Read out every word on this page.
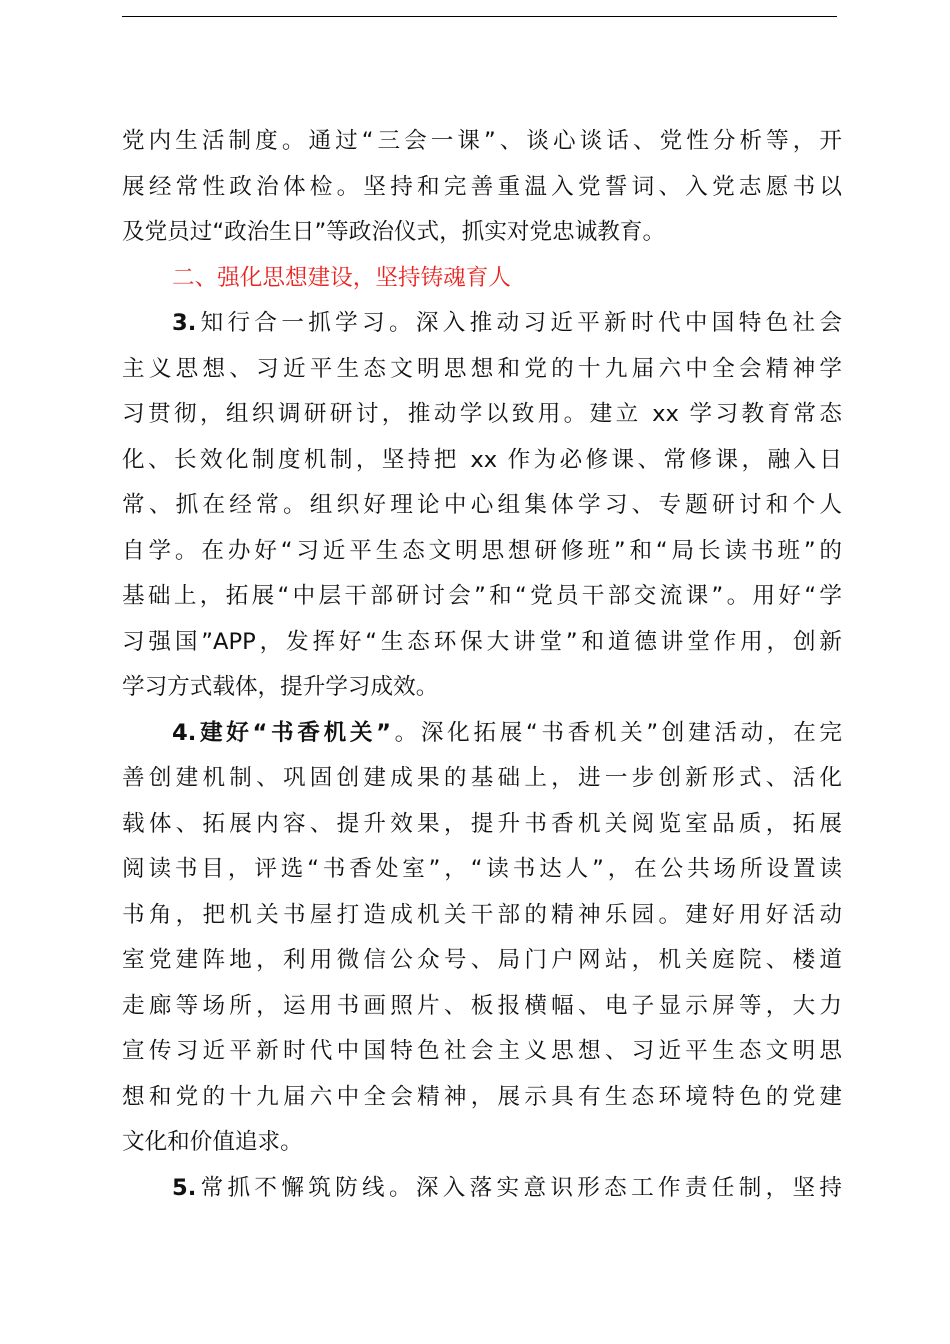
党内生活制度。通过“三会一课”、谈心谈话、党性分析等，开
展经常性政治体检。坚持和完善重温入党誓词、入党志愿书以
及党员过“政治生日”等政治仪式，抓实对党忠诚教育。
二、强化思想建设，坚持铸魂育人
3.知行合一抓学习。深入推动习近平新时代中国特色社会
主义思想、习近平生态文明思想和党的十九届六中全会精神学
习贯彻，组织调研研讨，推动学以致用。建立 xx 学习教育常态
化、长效化制度机制，坚持把 xx 作为必修课、常修课，融入日
常、抓在经常。组织好理论中心组集体学习、专题研讨和个人
自学。在办好“习近平生态文明思想研修班”和“局长读书班”的
基础上，拓展“中层干部研讨会”和“党员干部交流课”。用好“学
习强国”APP，发挥好“生态环保大讲堂”和道德讲堂作用，创新
学习方式载体，提升学习成效。
4.建好“书香机关”。深化拓展“书香机关”创建活动，在完
善创建机制、巩固创建成果的基础上，进一步创新形式、活化
载体、拓展内容、提升效果，提升书香机关阅览室品质，拓展
阅读书目，评选“书香处室”，“读书达人”，在公共场所设置读
书角，把机关书屋打造成机关干部的精神乐园。建好用好活动
室党建阵地，利用微信公众号、局门户网站，机关庭院、楼道
走廊等场所，运用书画照片、板报横幅、电子显示屏等，大力
宣传习近平新时代中国特色社会主义思想、习近平生态文明思
想和党的十九届六中全会精神，展示具有生态环境特色的党建
文化和价值追求。
5.常抓不懈筑防线。深入落实意识形态工作责任制，坚持
